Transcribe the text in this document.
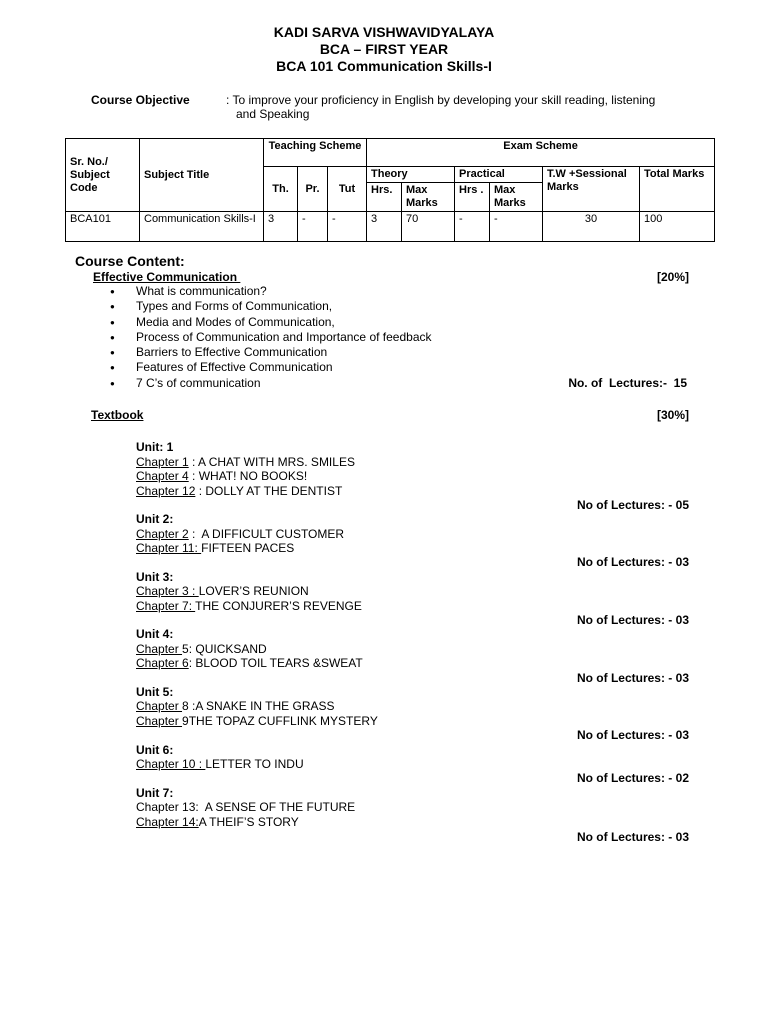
KADI SARVA VISHWAVIDYALAYA
BCA – FIRST YEAR
BCA 101 Communication Skills-I
Course Objective	: To improve your proficiency in English by developing your skill reading, listening
and Speaking
Sr. No./ Subject Code	Subject Title	Teaching Scheme			Exam Scheme					
		Th.	Pr.	Tut	Theory		Practical		T.W +Sessional Marks	Total Marks
					Hrs.	Max Marks	Hrs .	Max Marks		
BCA101	Communication Skills-I	3	-	-	3	70	-	-	30	100
Course Content:
Effective Communication	[20%]
● What is communication?
● Types and Forms of Communication,
● Media and Modes of Communication,
● Process of Communication and Importance of feedback
● Barriers to Effective Communication
● Features of Effective Communication
● 7 C’s of communication	No. of  Lectures:-  15
Textbook	[30%]
Unit: 1
Chapter 1 : A CHAT WITH MRS. SMILES
Chapter 4 : WHAT! NO BOOKS!
Chapter 12 : DOLLY AT THE DENTIST
No of Lectures: - 05
Unit 2:
Chapter 2 :  A DIFFICULT CUSTOMER
Chapter 11: FIFTEEN PACES
No of Lectures: - 03
Unit 3:
Chapter 3 : LOVER’S REUNION
Chapter 7: THE CONJURER’S REVENGE
No of Lectures: - 03
Unit 4:
Chapter 5: QUICKSAND
Chapter 6: BLOOD TOIL TEARS &SWEAT
No of Lectures: - 03
Unit 5:
Chapter 8 :A SNAKE IN THE GRASS
Chapter 9THE TOPAZ CUFFLINK MYSTERY
No of Lectures: - 03
Unit 6:
Chapter 10 : LETTER TO INDU
No of Lectures: - 02
Unit 7:
Chapter 13:  A SENSE OF THE FUTURE
Chapter 14:A THEIF’S STORY
No of Lectures: - 03
